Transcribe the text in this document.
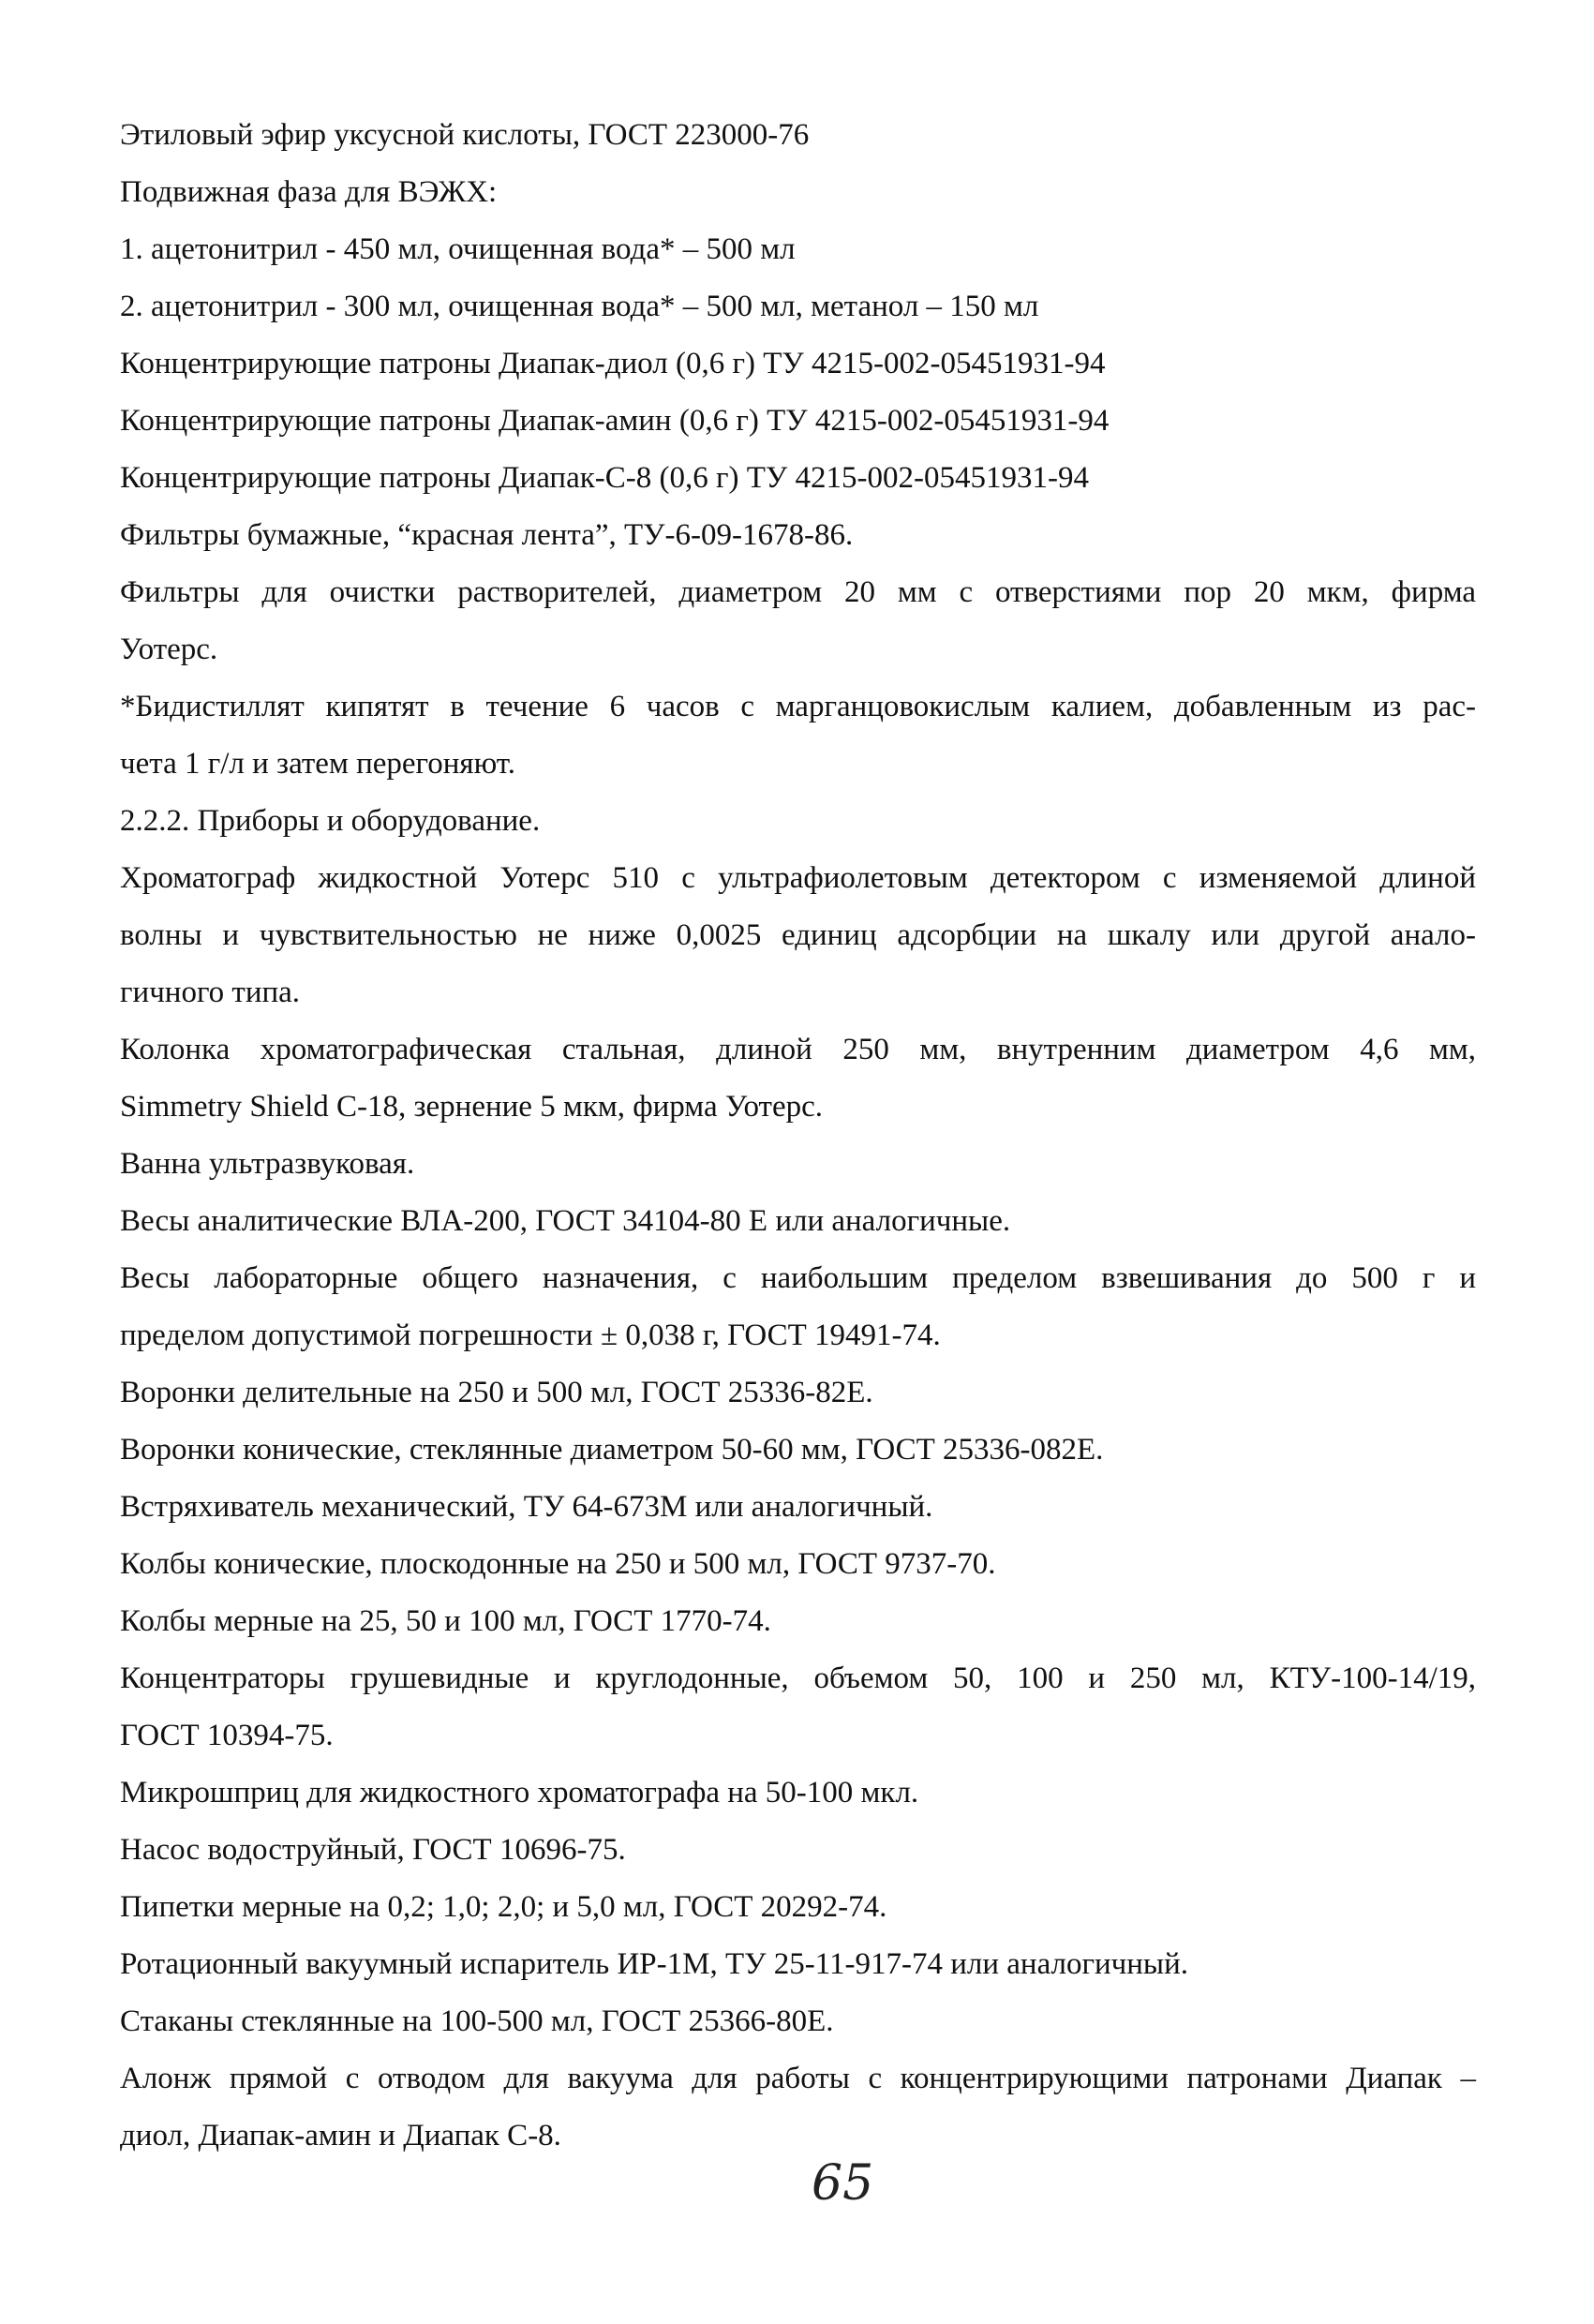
Этиловый эфир уксусной кислоты, ГОСТ 223000-76
Подвижная фаза для ВЭЖХ:
1. ацетонитрил - 450 мл, очищенная вода* – 500 мл
2. ацетонитрил - 300 мл, очищенная вода* – 500 мл, метанол – 150 мл
Концентрирующие патроны Диапак-диол (0,6 г) ТУ 4215-002-05451931-94
Концентрирующие патроны Диапак-амин (0,6 г) ТУ 4215-002-05451931-94
Концентрирующие патроны Диапак-С-8 (0,6 г) ТУ 4215-002-05451931-94
Фильтры бумажные, “красная лента”, ТУ-6-09-1678-86.
Фильтры для очистки растворителей, диаметром 20 мм с отверстиями пор 20 мкм, фирма
Уотерс.
*Бидистиллят кипятят в течение 6 часов с марганцовокислым калием, добавленным из рас-
чета 1 г/л и затем перегоняют.
2.2.2. Приборы и оборудование.
Хроматограф жидкостной Уотерс 510 с ультрафиолетовым детектором с изменяемой длиной
волны и чувствительностью не ниже 0,0025 единиц адсорбции на шкалу или другой анало-
гичного типа.
Колонка хроматографическая стальная, длиной 250 мм, внутренним диаметром 4,6 мм,
Simmetry Shield С-18, зернение 5 мкм, фирма Уотерс.
Ванна ультразвуковая.
Весы аналитические ВЛА-200, ГОСТ 34104-80 Е или аналогичные.
Весы лабораторные общего назначения, с наибольшим пределом взвешивания до 500 г и
пределом допустимой погрешности ± 0,038 г, ГОСТ 19491-74.
Воронки делительные на 250 и 500 мл, ГОСТ 25336-82Е.
Воронки конические, стеклянные диаметром 50-60 мм, ГОСТ 25336-082Е.
Встряхиватель механический, ТУ 64-673М или аналогичный.
Колбы конические, плоскодонные на 250 и 500 мл, ГОСТ 9737-70.
Колбы мерные на 25, 50 и 100 мл, ГОСТ 1770-74.
Концентраторы грушевидные и круглодонные, объемом 50, 100 и 250 мл, КТУ-100-14/19,
ГОСТ 10394-75.
Микрошприц для жидкостного хроматографа на 50-100 мкл.
Насос водоструйный, ГОСТ 10696-75.
Пипетки мерные на 0,2; 1,0; 2,0; и 5,0 мл, ГОСТ 20292-74.
Ротационный вакуумный испаритель ИР-1М, ТУ 25-11-917-74 или аналогичный.
Стаканы стеклянные на 100-500 мл, ГОСТ 25366-80Е.
Алонж прямой с отводом для вакуума для работы с концентрирующими патронами Диапак –
диол, Диапак-амин и Диапак С-8.
65
